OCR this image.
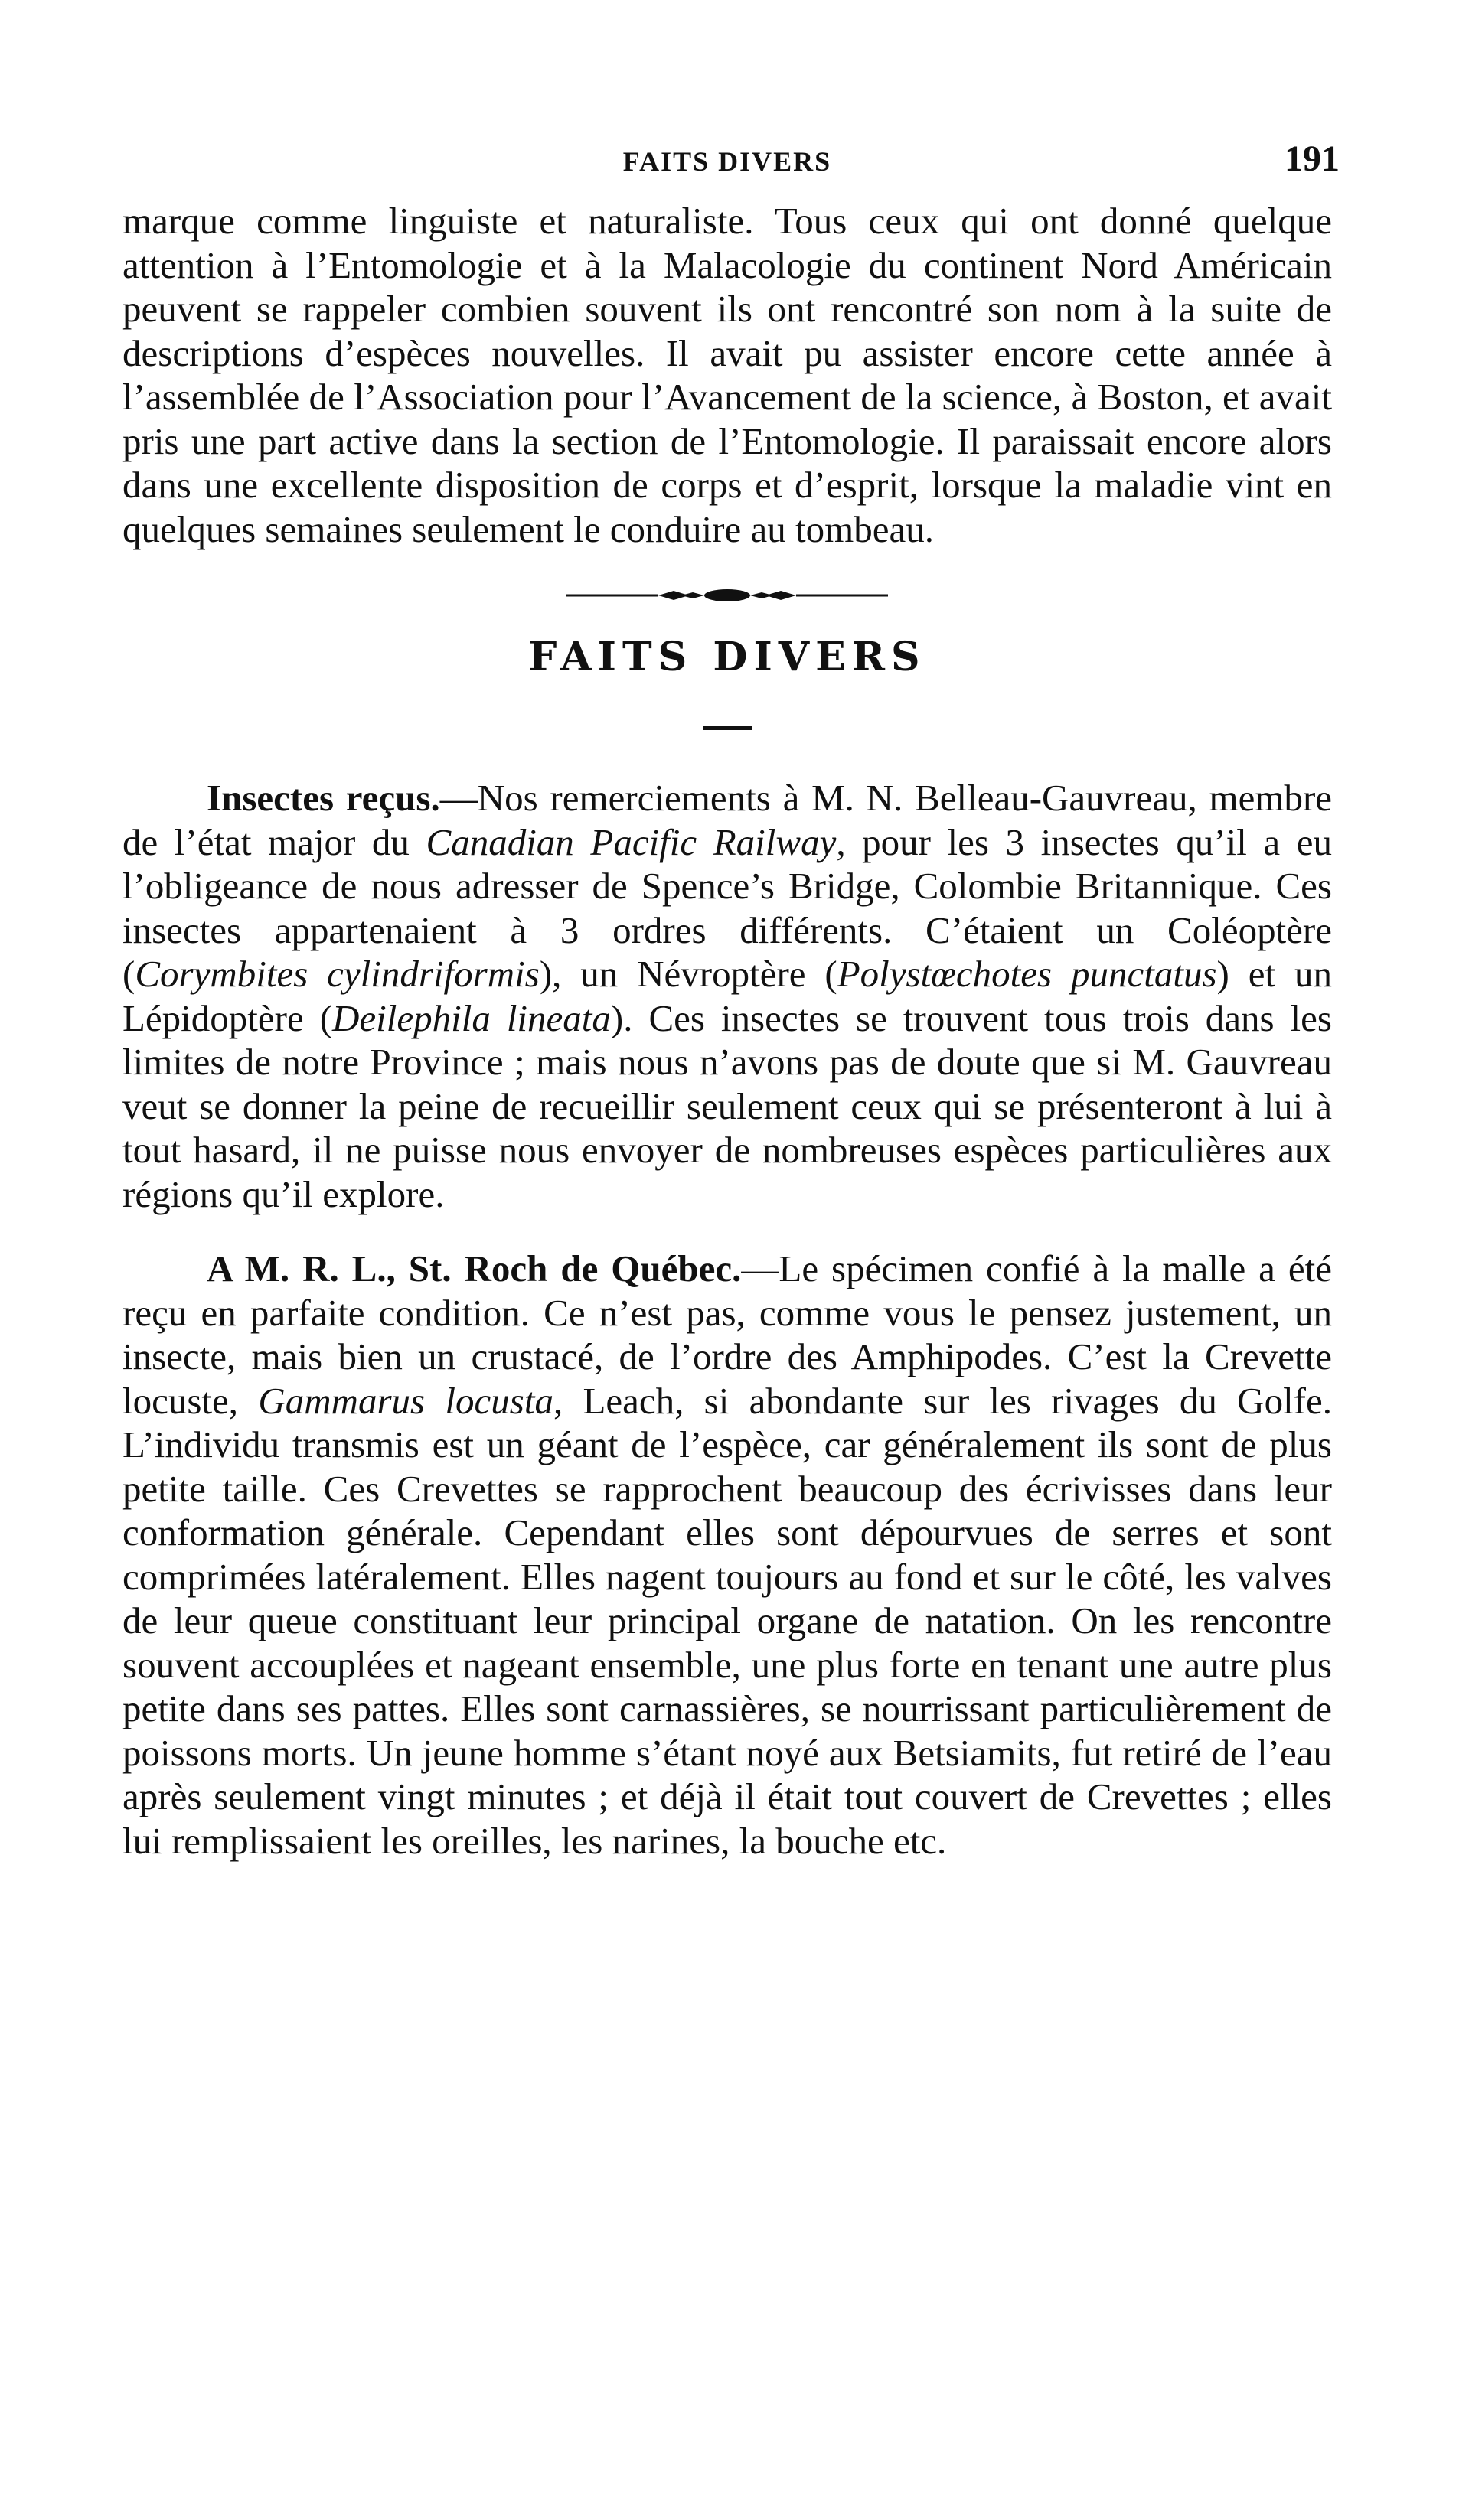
FAITS DIVERS	191

marque comme linguiste et naturaliste. Tous ceux qui ont donné quelque attention à l’Entomologie et à la Malacologie du continent Nord Américain peuvent se rappeler combien souvent ils ont rencontré son nom à la suite de descriptions d’espèces nouvelles. Il avait pu assister encore cette année à l’assemblée de l’Association pour l’Avancement de la science, à Boston, et avait pris une part active dans la section de l’Entomologie. Il paraissait encore alors dans une excellente disposition de corps et d’esprit, lorsque la maladie vint en quelques semaines seulement le conduire au tombeau.

FAITS DIVERS

Insectes reçus.—Nos remerciements à M. N. Belleau-Gauvreau, membre de l’état major du Canadian Pacific Railway, pour les 3 insectes qu’il a eu l’obligeance de nous adresser de Spence’s Bridge, Colombie Britannique. Ces insectes appartenaient à 3 ordres différents. C’étaient un Coléoptère (Corymbites cylindriformis), un Névroptère (Polystœchotes punctatus) et un Lépidoptère (Deilephila lineata). Ces insectes se trouvent tous trois dans les limites de notre Province ; mais nous n’avons pas de doute que si M. Gauvreau veut se donner la peine de recueillir seulement ceux qui se présenteront à lui à tout hasard, il ne puisse nous envoyer de nombreuses espèces particulières aux régions qu’il explore.

A M. R. L., St. Roch de Québec.—Le spécimen confié à la malle a été reçu en parfaite condition. Ce n’est pas, comme vous le pensez justement, un insecte, mais bien un crustacé, de l’ordre des Amphipodes. C’est la Crevette locuste, Gammarus locusta, Leach, si abondante sur les rivages du Golfe. L’individu transmis est un géant de l’espèce, car généralement ils sont de plus petite taille. Ces Crevettes se rapprochent beaucoup des écrivisses dans leur conformation générale. Cependant elles sont dépourvues de serres et sont comprimées latéralement. Elles nagent toujours au fond et sur le côté, les valves de leur queue constituant leur principal organe de natation. On les rencontre souvent accouplées et nageant ensemble, une plus forte en tenant une autre plus petite dans ses pattes. Elles sont carnassières, se nourrissant particulièrement de poissons morts. Un jeune homme s’étant noyé aux Betsiamits, fut retiré de l’eau après seulement vingt minutes ; et déjà il était tout couvert de Crevettes ; elles lui remplissaient les oreilles, les narines, la bouche etc.
